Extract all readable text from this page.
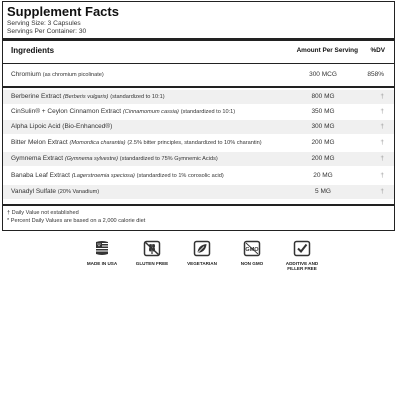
Supplement Facts
Serving Size: 3 Capsules
Servings Per Container: 30
Ingredients	Amount Per Serving %DV
Chromium (as chromium picolinate)	300 MCG	858%
Berberine Extract (Berberis vulgaris) (standardized to 10:1)	800 MG	†
CinSulin® + Ceylon Cinnamon Extract (Cinnamomum cassia) (standardized to 10:1)	350 MG	†
Alpha Lipoic Acid (Bio-Enhanced®)	300 MG	†
Bitter Melon Extract (Momordica charantia) (2.5% bitter principles, standardized to 10% charantin)	200 MG	†
Gymnema Extract (Gymnema sylvestre) (standardized to 75% Gymnemic Acids)	200 MG	†
Banaba Leaf Extract (Lagerstroemia speciosa) (standardized to 1% corosolic acid)	20 MG	†
Vanadyl Sulfate (20% Vanadium)	5 MG	†
† Daily Value not established
* Percent Daily Values are based on a 2,000 calorie diet
MADE IN USA	GLUTEN FREE	VEGETARIAN
GMO
NON GMO	ADDITIVE AND FILLER FREE
